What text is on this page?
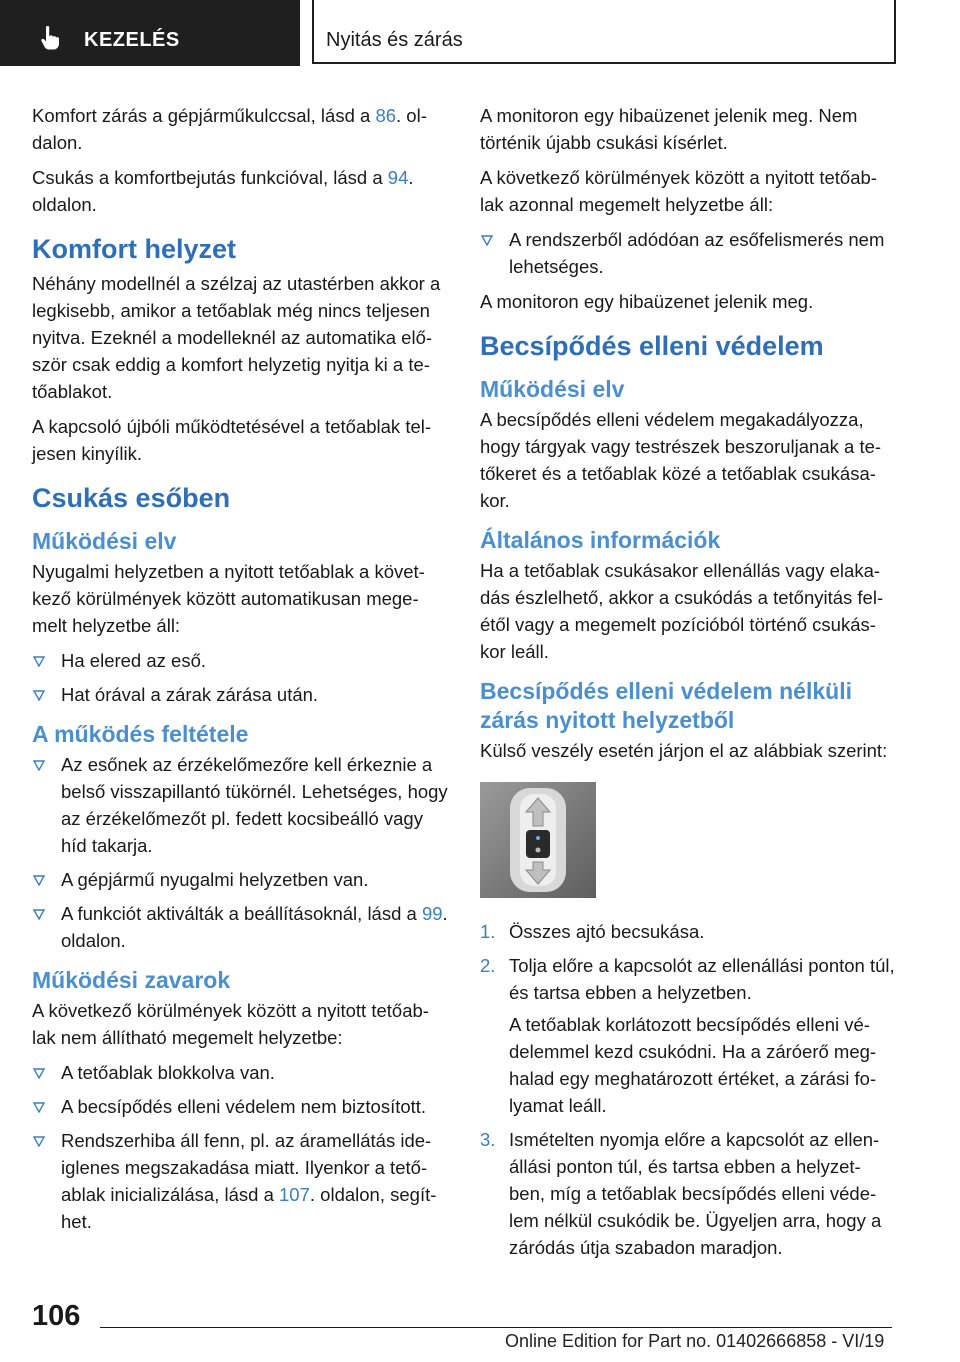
KEZELÉS	Nyitás és zárás

Komfort zárás a gépjárműkulccsal, lásd a 86. ol-dalon.

Csukás a komfortbejutás funkcióval, lásd a 94. oldalon.

Komfort helyzet

Néhány modellnél a szélzaj az utastérben akkor a legkisebb, amikor a tetőablak még nincs teljesen nyitva. Ezeknél a modelleknél az automatika elő-ször csak eddig a komfort helyzetig nyitja ki a te-tőablakot.

A kapcsoló újbóli működtetésével a tetőablak tel-jesen kinyílik.

Csukás esőben
Működési elv

Nyugalmi helyzetben a nyitott tetőablak a követ-kező körülmények között automatikusan mege-melt helyzetbe áll:

Ha elered az eső.
Hat órával a zárak zárása után.
A működés feltétele
Az esőnek az érzékelőmezőre kell érkeznie a belső visszapillantó tükörnél. Lehetséges, hogy az érzékelőmezőt pl. fedett kocsibeálló vagy híd takarja.
A gépjármű nyugalmi helyzetben van.
A funkciót aktiválták a beállításoknál, lásd a 99. oldalon.
Működési zavarok

A következő körülmények között a nyitott tetőab-lak nem állítható megemelt helyzetbe:

A tetőablak blokkolva van.
A becsípődés elleni védelem nem biztosított.
Rendszerhiba áll fenn, pl. az áramellátás ide-iglenes megszakadása miatt. Ilyenkor a tető-ablak inicializálása, lásd a 107. oldalon, segít-het.

A monitoron egy hibaüzenet jelenik meg. Nem történik újabb csukási kísérlet.

A következő körülmények között a nyitott tetőab-lak azonnal megemelt helyzetbe áll:

A rendszerből adódóan az esőfelismerés nem lehetséges.

A monitoron egy hibaüzenet jelenik meg.

Becsípődés elleni védelem
Működési elv

A becsípődés elleni védelem megakadályozza, hogy tárgyak vagy testrészek beszoruljanak a te-tőkeret és a tetőablak közé a tetőablak csukása-kor.

Általános információk

Ha a tetőablak csukásakor ellenállás vagy elaka-dás észlelhető, akkor a csukódás a tetőnyitás fel-étől vagy a megemelt pozícióból történő csukás-kor leáll.

Becsípődés elleni védelem nélküli zárás nyitott helyzetből

Külső veszély esetén járjon el az alábbiak szerint:

1. Összes ajtó becsukása.
2. Tolja előre a kapcsolót az ellenállási ponton túl, és tartsa ebben a helyzetben.

A tetőablak korlátozott becsípődés elleni vé-delemmel kezd csukódni. Ha a záróerő meg-halad egy meghatározott értéket, a zárási fo-lyamat leáll.

3. Ismételten nyomja előre a kapcsolót az ellen-állási ponton túl, és tartsa ebben a helyzet-ben, míg a tetőablak becsípődés elleni véde-lem nélkül csukódik be. Ügyeljen arra, hogy a záródás útja szabadon maradjon.
106
Online Edition for Part no. 01402666858 - VI/19
